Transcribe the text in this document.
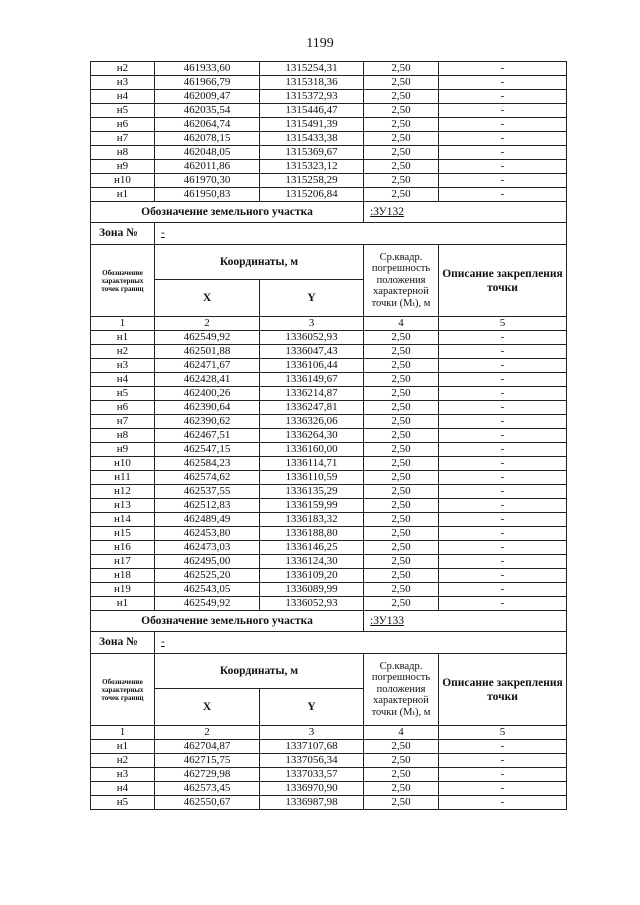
1199
н2	461933,60	1315254,31	2,50	-
н3	461966,79	1315318,36	2,50	-
н4	462009,47	1315372,93	2,50	-
н5	462035,54	1315446,47	2,50	-
н6	462064,74	1315491,39	2,50	-
н7	462078,15	1315433,38	2,50	-
н8	462048,05	1315369,67	2,50	-
н9	462011,86	1315323,12	2,50	-
н10	461970,30	1315258,29	2,50	-
н1	461950,83	1315206,84	2,50	-
Обозначение земельного участка			:ЗУ132	
Зона №	-			
Обозначение характерных точек границ	Координаты, м		Ср.квадр. погрешность положения характерной точки (Mₜ), м	Описание закрепления точки
	X	Y		
1	2	3	4	5
н1	462549,92	1336052,93	2,50	-
н2	462501,88	1336047,43	2,50	-
н3	462471,67	1336106,44	2,50	-
н4	462428,41	1336149,67	2,50	-
н5	462400,26	1336214,87	2,50	-
н6	462390,64	1336247,81	2,50	-
н7	462390,62	1336326,06	2,50	-
н8	462467,51	1336264,30	2,50	-
н9	462547,15	1336160,00	2,50	-
н10	462584,23	1336114,71	2,50	-
н11	462574,62	1336110,59	2,50	-
н12	462537,55	1336135,29	2,50	-
н13	462512,83	1336159,99	2,50	-
н14	462489,49	1336183,32	2,50	-
н15	462453,80	1336188,80	2,50	-
н16	462473,03	1336146,25	2,50	-
н17	462495,00	1336124,30	2,50	-
н18	462525,20	1336109,20	2,50	-
н19	462543,05	1336089,99	2,50	-
н1	462549,92	1336052,93	2,50	-
Обозначение земельного участка			:ЗУ133	
Зона №	-			
Обозначение характерных точек границ	Координаты, м		Ср.квадр. погрешность положения характерной точки (Mₜ), м	Описание закрепления точки
	X	Y		
1	2	3	4	5
н1	462704,87	1337107,68	2,50	-
н2	462715,75	1337056,34	2,50	-
н3	462729,98	1337033,57	2,50	-
н4	462573,45	1336970,90	2,50	-
н5	462550,67	1336987,98	2,50	-
